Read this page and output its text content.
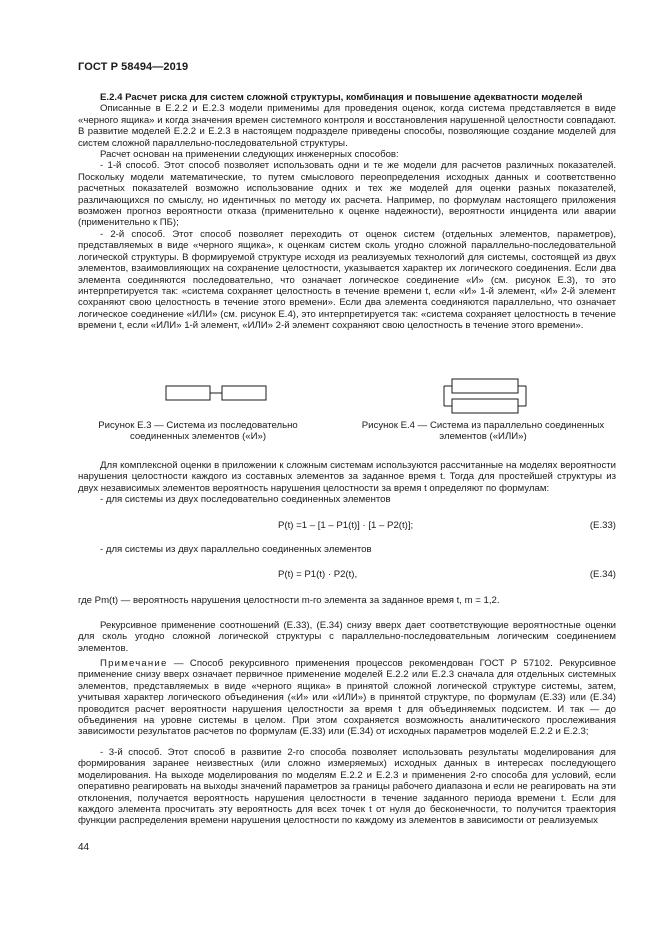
ГОСТ Р 58494—2019

Е.2.4 Расчет риска для систем сложной структуры, комбинация и повышение адекватности моделей

Описанные в Е.2.2 и Е.2.3 модели применимы для проведения оценок, когда система представляется в виде «черного ящика» и когда значения времен системного контроля и восстановления нарушенной целостности совпадают. В развитие моделей Е.2.2 и Е.2.3 в настоящем подразделе приведены способы, позволяющие создание моделей для систем сложной параллельно-последовательной структуры.

Расчет основан на применении следующих инженерных способов:

- 1-й способ. Этот способ позволяет использовать одни и те же модели для расчетов различных показателей. Поскольку модели математические, то путем смыслового переопределения исходных данных и соответственно расчетных показателей возможно использование одних и тех же моделей для оценки разных показателей, различающихся по смыслу, но идентичных по методу их расчета. Например, по формулам настоящего приложения возможен прогноз вероятности отказа (применительно к оценке надежности), вероятности инцидента или аварии (применительно к ПБ);

- 2-й способ. Этот способ позволяет переходить от оценок систем (отдельных элементов, параметров), представляемых в виде «черного ящика», к оценкам систем сколь угодно сложной параллельно-последовательной логической структуры. В формируемой структуре исходя из реализуемых технологий для системы, состоящей из двух элементов, взаимовлияющих на сохранение целостности, указывается характер их логического соединения. Если два элемента соединяются последовательно, что означает логическое соединение «И» (см. рисунок Е.3), то это интерпретируется так: «система сохраняет целостность в течение времени t, если «И» 1-й элемент, «И» 2-й элемент сохраняют свою целостность в течение этого времени». Если два элемента соединяются параллельно, что означает логическое соединение «ИЛИ» (см. рисунок Е.4), это интерпретируется так: «система сохраняет целостность в течение времени t, если «ИЛИ» 1-й элемент, «ИЛИ» 2-й элемент сохраняют свою целостность в течение этого времени».

Рисунок Е.3 — Система из последовательно соединенных элементов («И»)
Рисунок Е.4 — Система из параллельно соединенных элементов («ИЛИ»)

Для комплексной оценки в приложении к сложным системам используются рассчитанные на моделях вероятности нарушения целостности каждого из составных элементов за заданное время t. Тогда для простейшей структуры из двух независимых элементов вероятность нарушения целостности за время t определяют по формулам:

- для системы из двух последовательно соединенных элементов

P(t) =1 – [1 – P1(t)] · [1 – P2(t)];	(Е.33)

- для системы из двух параллельно соединенных элементов

P(t) = P1(t) · P2(t),	(Е.34)

где Pm(t) — вероятность нарушения целостности m-го элемента за заданное время t, m = 1,2.

Рекурсивное применение соотношений (Е.33), (Е.34) снизу вверх дает соответствующие вероятностные оценки для сколь угодно сложной логической структуры с параллельно-последовательным логическим соединением элементов.

Примечание — Способ рекурсивного применения процессов рекомендован ГОСТ Р 57102. Рекурсивное применение снизу вверх означает первичное применение моделей Е.2.2 или Е.2.3 сначала для отдельных системных элементов, представляемых в виде «черного ящика» в принятой сложной логической структуре системы, затем, учитывая характер логического объединения («И» или «ИЛИ») в принятой структуре, по формулам (Е.33) или (Е.34) проводится расчет вероятности нарушения целостности за время t для объединяемых подсистем. И так — до объединения на уровне системы в целом. При этом сохраняется возможность аналитического прослеживания зависимости результатов расчетов по формулам (Е.33) или (Е.34) от исходных параметров моделей Е.2.2 и Е.2.3;

- 3-й способ. Этот способ в развитие 2-го способа позволяет использовать результаты моделирования для формирования заранее неизвестных (или сложно измеряемых) исходных данных в интересах последующего моделирования. На выходе моделирования по моделям Е.2.2 и Е.2.3 и применения 2-го способа для условий, если оперативно реагировать на выходы значений параметров за границы рабочего диапазона и если не реагировать на эти отклонения, получается вероятность нарушения целостности в течение заданного периода времени t. Если для каждого элемента просчитать эту вероятность для всех точек t от нуля до бесконечности, то получится траектория функции распределения времени нарушения целостности по каждому из элементов в зависимости от реализуемых

44
